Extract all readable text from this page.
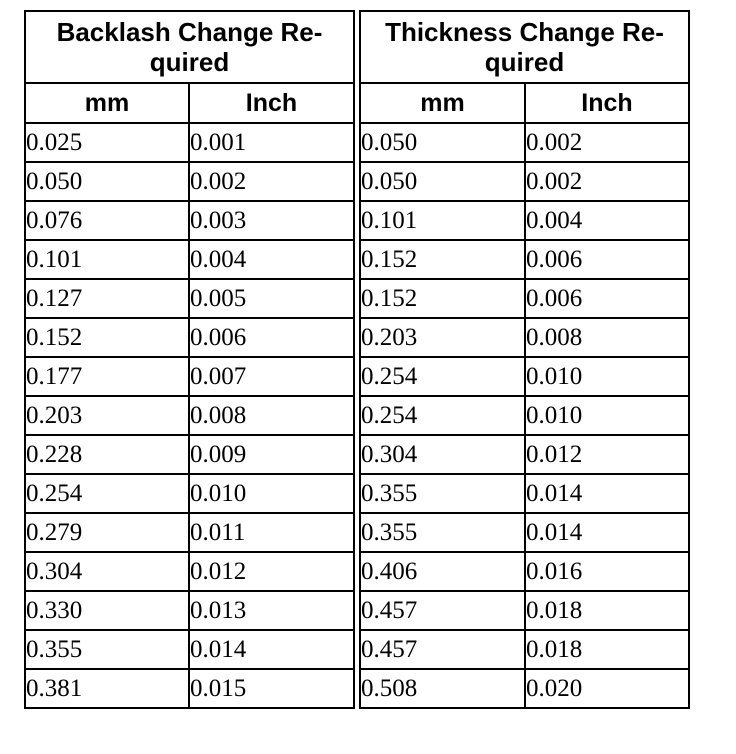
Backlash Change Re-
quired			Thickness Change Re-
quired	
mm	Inch		mm	Inch
0.025	0.001		0.050	0.002
0.050	0.002		0.050	0.002
0.076	0.003		0.101	0.004
0.101	0.004		0.152	0.006
0.127	0.005		0.152	0.006
0.152	0.006		0.203	0.008
0.177	0.007		0.254	0.010
0.203	0.008		0.254	0.010
0.228	0.009		0.304	0.012
0.254	0.010		0.355	0.014
0.279	0.011		0.355	0.014
0.304	0.012		0.406	0.016
0.330	0.013		0.457	0.018
0.355	0.014		0.457	0.018
0.381	0.015		0.508	0.020
